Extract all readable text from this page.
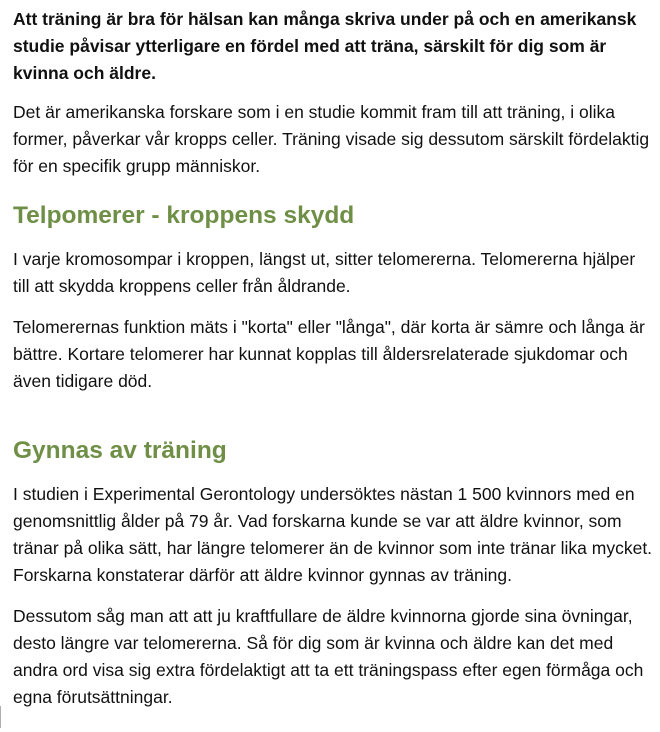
Att träning är bra för hälsan kan många skriva under på och en amerikansk studie påvisar ytterligare en fördel med att träna, särskilt för dig som är kvinna och äldre.

Det är amerikanska forskare som i en studie kommit fram till att träning, i olika former, påverkar vår kropps celler. Träning visade sig dessutom särskilt fördelaktig för en specifik grupp människor.

Telpomerer - kroppens skydd

I varje kromosompar i kroppen, längst ut, sitter telomererna. Telomererna hjälper till att skydda kroppens celler från åldrande.

Telomerernas funktion mäts i "korta" eller "långa", där korta är sämre och långa är bättre. Kortare telomerer har kunnat kopplas till åldersrelaterade sjukdomar och även tidigare död.

Gynnas av träning

I studien i Experimental Gerontology undersöktes nästan 1 500 kvinnors med en genomsnittlig ålder på 79 år. Vad forskarna kunde se var att äldre kvinnor, som tränar på olika sätt, har längre telomerer än de kvinnor som inte tränar lika mycket. Forskarna konstaterar därför att äldre kvinnor gynnas av träning.

Dessutom såg man att att ju kraftfullare de äldre kvinnorna gjorde sina övningar, desto längre var telomererna. Så för dig som är kvinna och äldre kan det med andra ord visa sig extra fördelaktigt att ta ett träningspass efter egen förmåga och egna förutsättningar.
